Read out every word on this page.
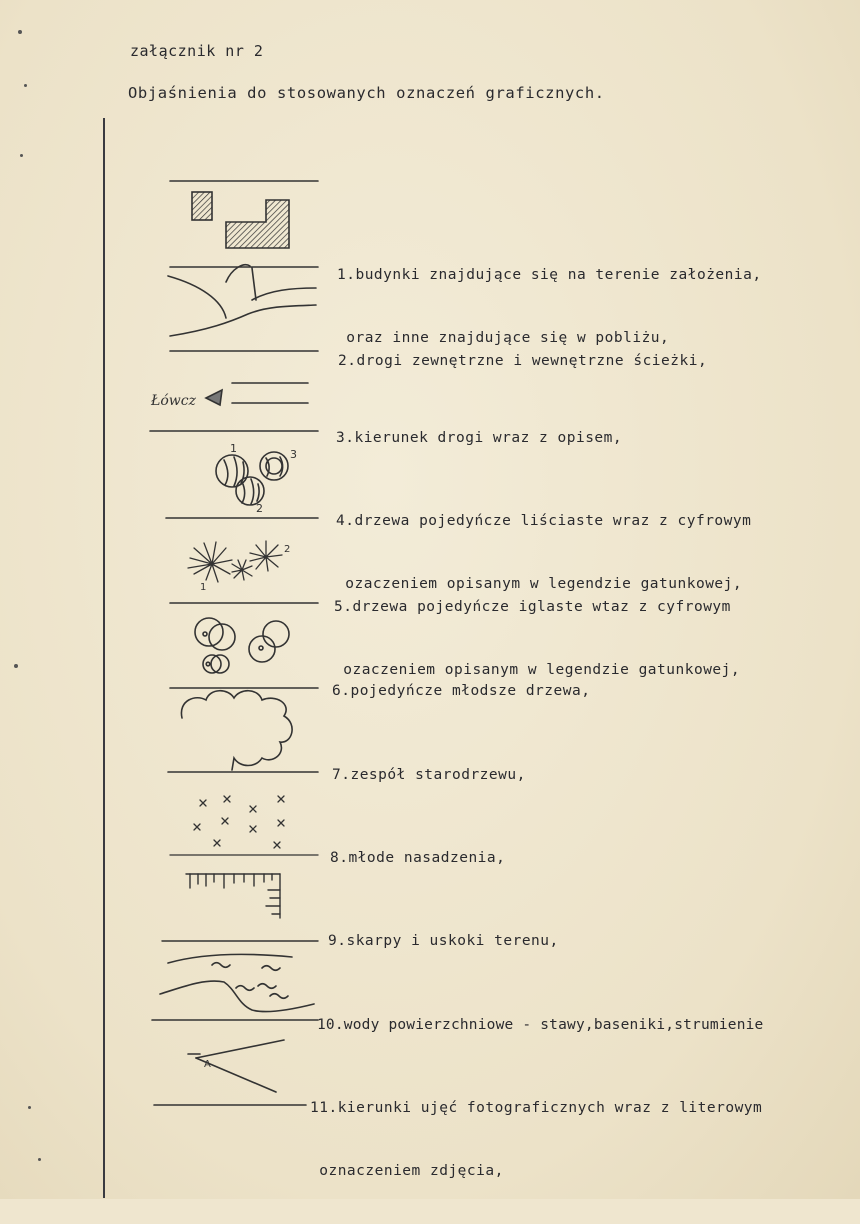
załącznik nr 2
Objaśnienia do stosowanych oznaczeń graficznych.
Łówcz
1
2
3
1
2
A

1.budynki znajdujące się na terenie założenia,

oraz inne znajdujące się w pobliżu,

2.drogi zewnętrzne i wewnętrzne ścieżki,

3.kierunek drogi wraz z opisem,

4.drzewa pojedyńcze liściaste wraz z cyfrowym

ozaczeniem opisanym w legendzie gatunkowej,

5.drzewa pojedyńcze iglaste wtaz z cyfrowym

ozaczeniem opisanym w legendzie gatunkowej,

6.pojedyńcze młodsze drzewa,

7.zespół starodrzewu,

8.młode nasadzenia,

9.skarpy i uskoki terenu,

10.wody powierzchniowe - stawy,baseniki,strumienie

11.kierunki ujęć fotograficznych wraz z literowym

oznaczeniem zdjęcia,
